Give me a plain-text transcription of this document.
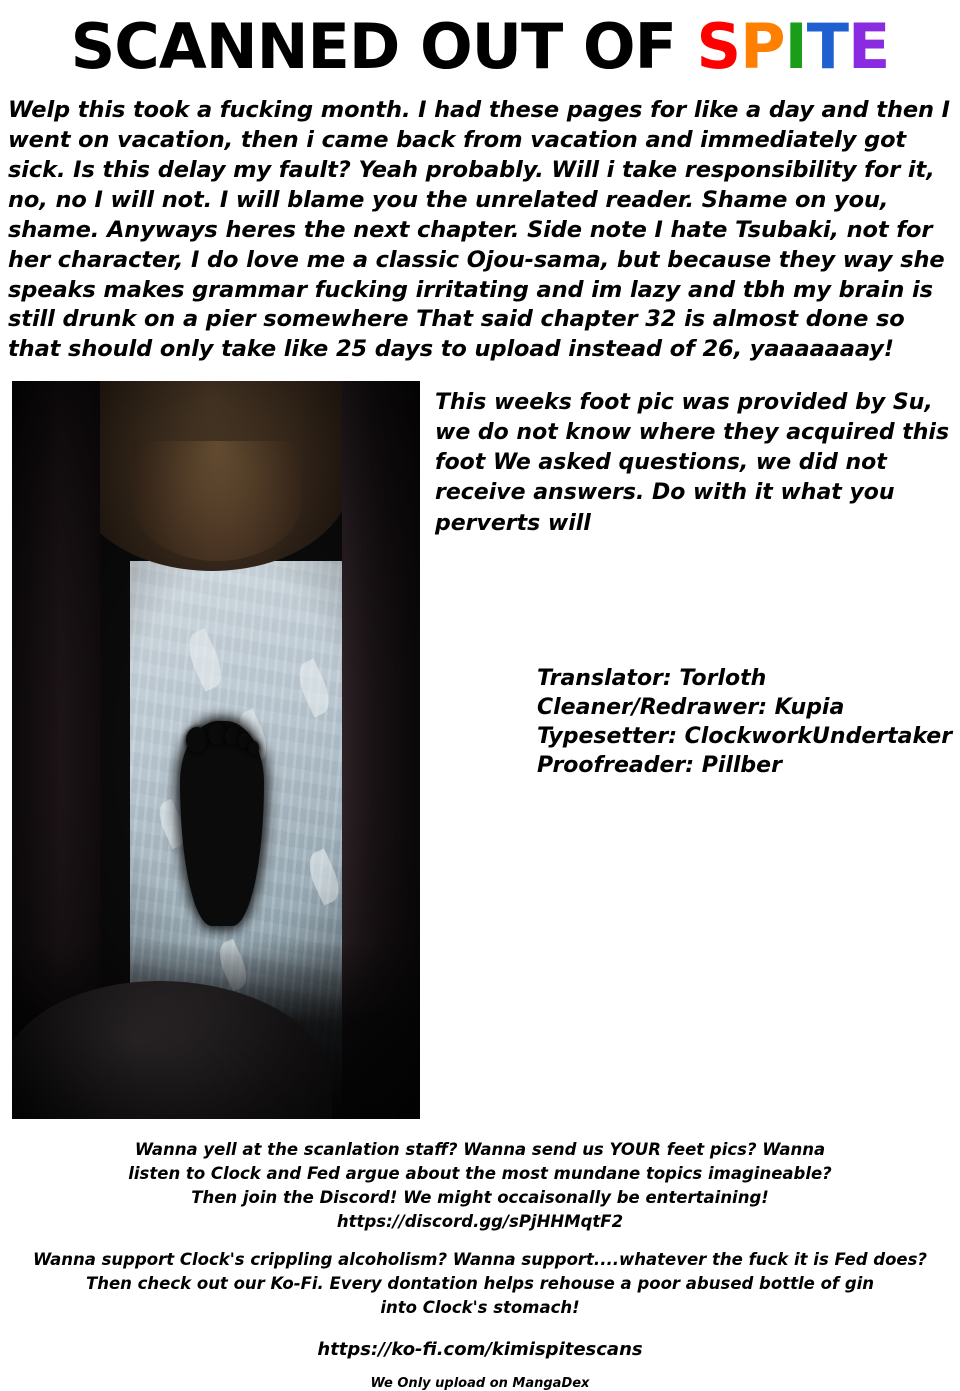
SCANNED OUT OF SPITE
Welp this took a fucking month. I had these pages for like a day and then I went on vacation, then i came back from vacation and immediately got sick. Is this delay my fault? Yeah probably. Will i take responsibility for it, no, no I will not. I will blame you the unrelated reader. Shame on you, shame. Anyways heres the next chapter. Side note I hate Tsubaki, not for her character, I do love me a classic Ojou-sama, but because they way she speaks makes grammar fucking irritating and im lazy and tbh my brain is still drunk on a pier somewhere That said chapter 32 is almost done so that should only take like 25 days to upload instead of 26, yaaaaaaay!
This weeks foot pic was provided by Su, we do not know where they acquired this foot We asked questions, we did not receive answers. Do with it what you perverts will
Translator: Torloth
Cleaner/Redrawer: Kupia
Typesetter: ClockworkUndertaker
Proofreader: Pillber
Wanna yell at the scanlation staff? Wanna send us YOUR feet pics? Wanna
listen to Clock and Fed argue about the most mundane topics imagineable?
Then join the Discord! We might occaisonally be entertaining!
https://discord.gg/sPjHHMqtF2
Wanna support Clock's crippling alcoholism? Wanna support....whatever the fuck it is Fed does?
Then check out our Ko-Fi. Every dontation helps rehouse a poor abused bottle of gin
into Clock's stomach!
https://ko-fi.com/kimispitescans
We Only upload on MangaDex
